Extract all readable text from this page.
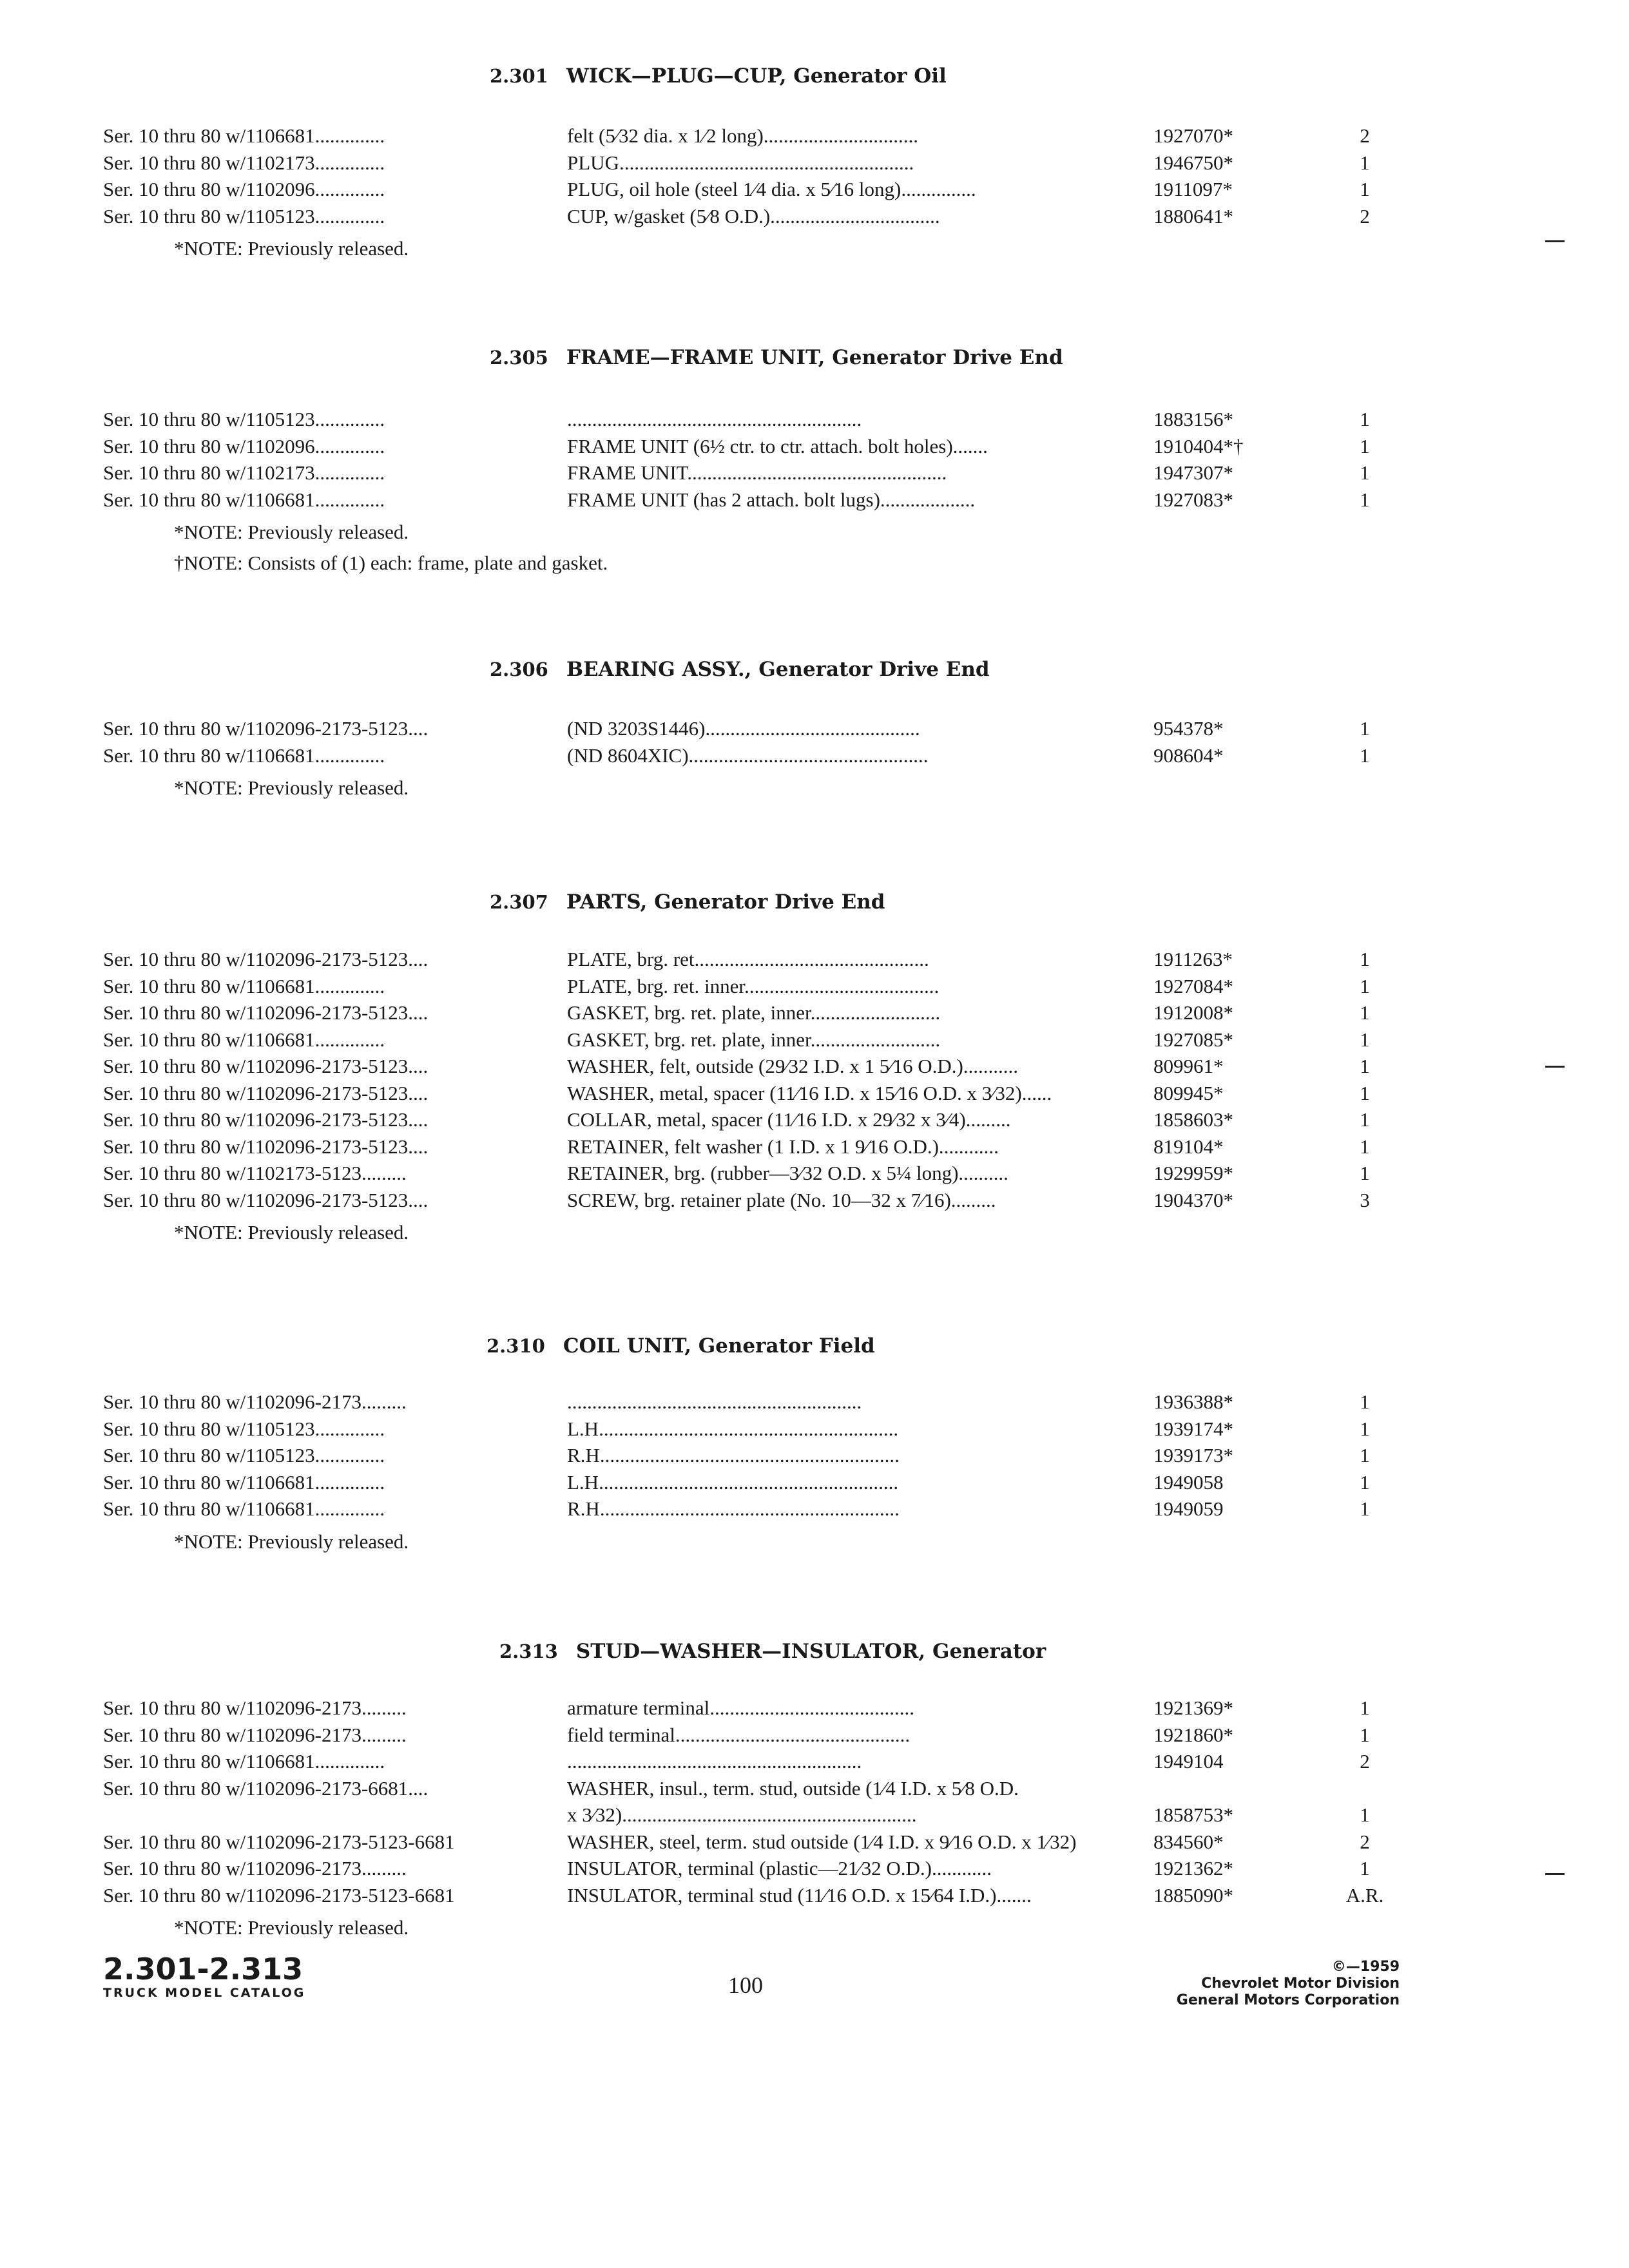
2.301 WICK—PLUG—CUP, Generator Oil
Ser. 10 thru 80 w/1106681..............	felt (5⁄32 dia. x 1⁄2 long)...............................	1927070*	2
Ser. 10 thru 80 w/1102173..............	PLUG...........................................................	1946750*	1
Ser. 10 thru 80 w/1102096..............	PLUG, oil hole (steel 1⁄4 dia. x 5⁄16 long)...............	1911097*	1
Ser. 10 thru 80 w/1105123..............	CUP, w/gasket (5⁄8 O.D.)..................................	1880641*	2
*NOTE: Previously released.
2.305 FRAME—FRAME UNIT, Generator Drive End
Ser. 10 thru 80 w/1105123..............	...........................................................	1883156*	1
Ser. 10 thru 80 w/1102096..............	FRAME UNIT (6½ ctr. to ctr. attach. bolt holes).......	1910404*†	1
Ser. 10 thru 80 w/1102173..............	FRAME UNIT....................................................	1947307*	1
Ser. 10 thru 80 w/1106681..............	FRAME UNIT (has 2 attach. bolt lugs)...................	1927083*	1
*NOTE: Previously released.
†NOTE: Consists of (1) each: frame, plate and gasket.
2.306 BEARING ASSY., Generator Drive End
Ser. 10 thru 80 w/1102096-2173-5123....	(ND 3203S1446)...........................................	954378*	1
Ser. 10 thru 80 w/1106681..............	(ND 8604XIC)................................................	908604*	1
*NOTE: Previously released.
2.307 PARTS, Generator Drive End
Ser. 10 thru 80 w/1102096-2173-5123....	PLATE, brg. ret...............................................	1911263*	1
Ser. 10 thru 80 w/1106681..............	PLATE, brg. ret. inner.......................................	1927084*	1
Ser. 10 thru 80 w/1102096-2173-5123....	GASKET, brg. ret. plate, inner..........................	1912008*	1
Ser. 10 thru 80 w/1106681..............	GASKET, brg. ret. plate, inner..........................	1927085*	1
Ser. 10 thru 80 w/1102096-2173-5123....	WASHER, felt, outside (29⁄32 I.D. x 1 5⁄16 O.D.)...........	809961*	1
Ser. 10 thru 80 w/1102096-2173-5123....	WASHER, metal, spacer (11⁄16 I.D. x 15⁄16 O.D. x 3⁄32)......	809945*	1
Ser. 10 thru 80 w/1102096-2173-5123....	COLLAR, metal, spacer (11⁄16 I.D. x 29⁄32 x 3⁄4).........	1858603*	1
Ser. 10 thru 80 w/1102096-2173-5123....	RETAINER, felt washer (1 I.D. x 1 9⁄16 O.D.)............	819104*	1
Ser. 10 thru 80 w/1102173-5123.........	RETAINER, brg. (rubber—3⁄32 O.D. x 5¼ long)..........	1929959*	1
Ser. 10 thru 80 w/1102096-2173-5123....	SCREW, brg. retainer plate (No. 10—32 x 7⁄16).........	1904370*	3
*NOTE: Previously released.
2.310 COIL UNIT, Generator Field
Ser. 10 thru 80 w/1102096-2173.........	...........................................................	1936388*	1
Ser. 10 thru 80 w/1105123..............	L.H............................................................	1939174*	1
Ser. 10 thru 80 w/1105123..............	R.H............................................................	1939173*	1
Ser. 10 thru 80 w/1106681..............	L.H............................................................	1949058	1
Ser. 10 thru 80 w/1106681..............	R.H............................................................	1949059	1
*NOTE: Previously released.
2.313 STUD—WASHER—INSULATOR, Generator
Ser. 10 thru 80 w/1102096-2173.........	armature terminal.........................................	1921369*	1
Ser. 10 thru 80 w/1102096-2173.........	field terminal...............................................	1921860*	1
Ser. 10 thru 80 w/1106681..............	...........................................................	1949104	2
Ser. 10 thru 80 w/1102096-2173-6681....	WASHER, insul., term. stud, outside (1⁄4 I.D. x 5⁄8 O.D.
x 3⁄32)...........................................................	1858753*	1
Ser. 10 thru 80 w/1102096-2173-5123-6681	WASHER, steel, term. stud outside (1⁄4 I.D. x 9⁄16 O.D. x 1⁄32)	834560*	2
Ser. 10 thru 80 w/1102096-2173.........	INSULATOR, terminal (plastic—21⁄32 O.D.)............	1921362*	1
Ser. 10 thru 80 w/1102096-2173-5123-6681	INSULATOR, terminal stud (11⁄16 O.D. x 15⁄64 I.D.).......	1885090*	A.R.
*NOTE: Previously released.
2.301-2.313
TRUCK MODEL CATALOG	100
©—1959
Chevrolet Motor Division
General Motors Corporation
